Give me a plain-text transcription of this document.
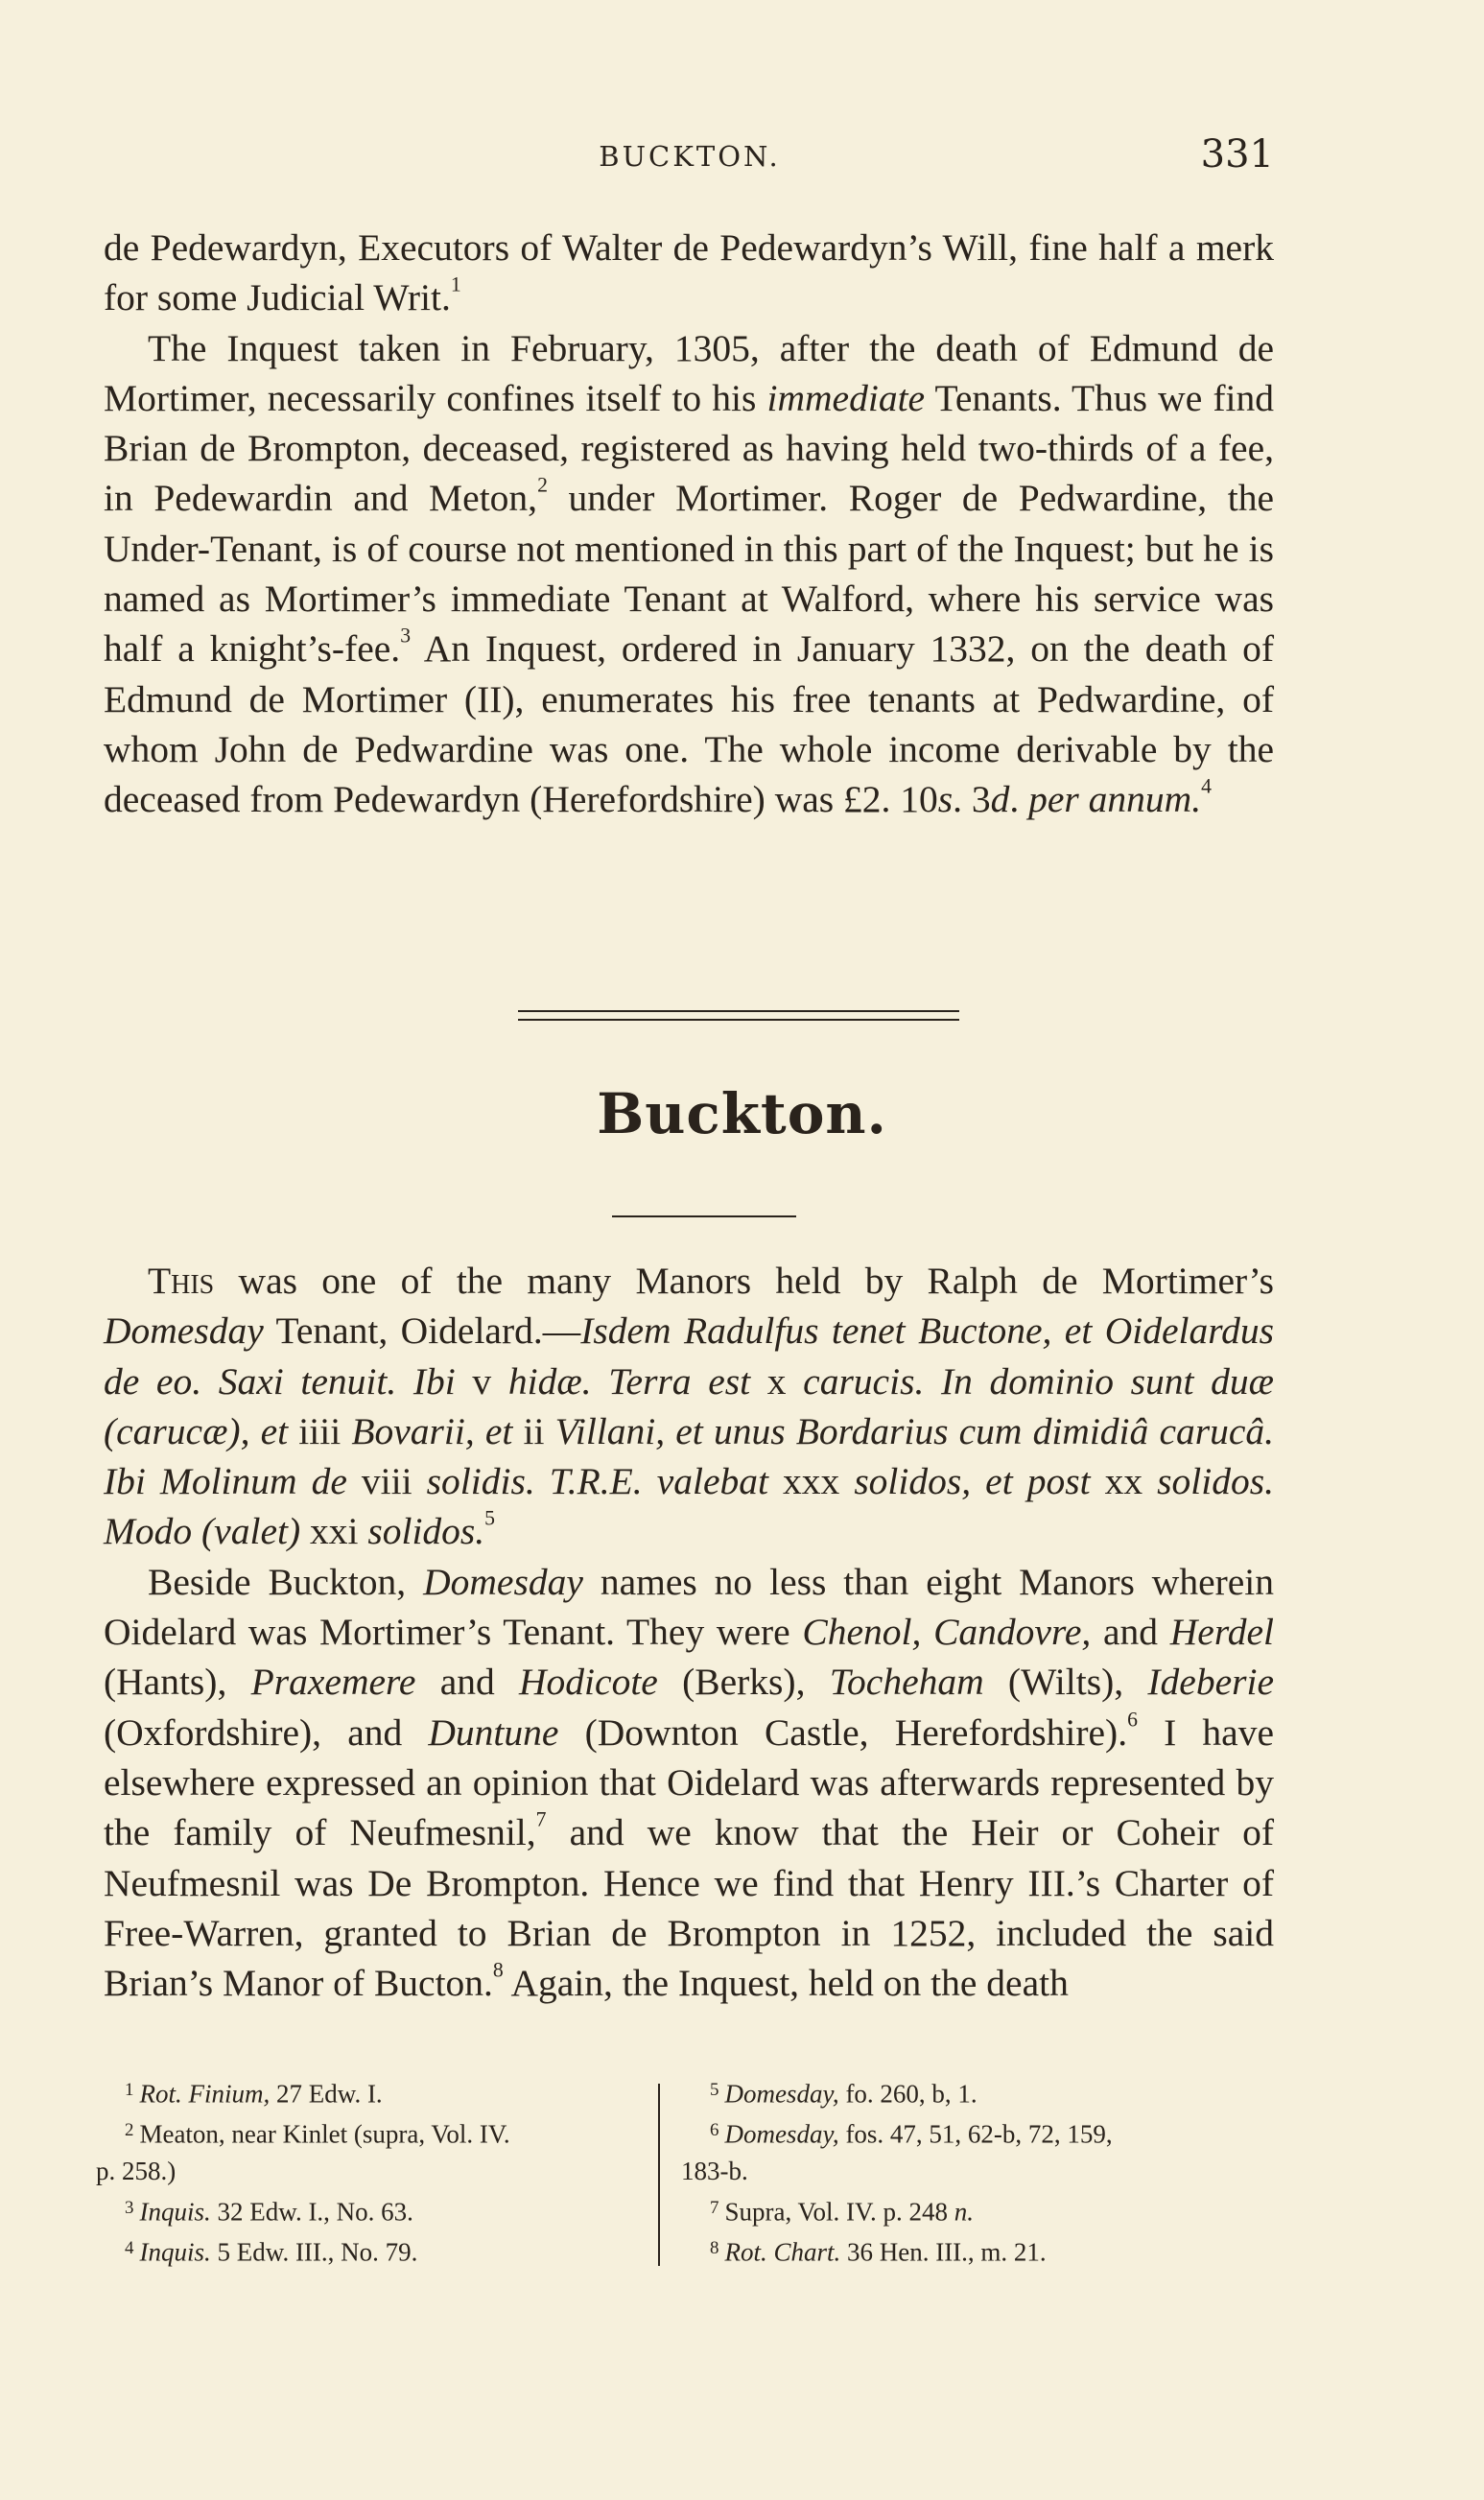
BUCKTON.	331

de Pedewardyn, Executors of Walter de Pedewardyn’s Will, fine half a merk for some Judicial Writ.$^1$

The Inquest taken in February, 1305, after the death of Edmund de Mortimer, necessarily confines itself to his immediate Tenants. Thus we find Brian de Brompton, deceased, registered as having held two-thirds of a fee, in Pedewardin and Meton,$^2$ under Mortimer. Roger de Pedwardine, the Under-Tenant, is of course not mentioned in this part of the Inquest; but he is named as Mortimer’s immediate Tenant at Walford, where his service was half a knight’s-fee.$^3$ An Inquest, ordered in January 1332, on the death of Edmund de Mortimer (II), enumerates his free tenants at Pedwardine, of whom John de Pedwardine was one. The whole income derivable by the deceased from Pedewardyn (Herefordshire) was £2. 10s. 3d. per annum.$^4$

Buckton.

This was one of the many Manors held by Ralph de Mortimer’s Domesday Tenant, Oidelard.—Isdem Radulfus tenet Buctone, et Oidelardus de eo. Saxi tenuit. Ibi v hidæ. Terra est x carucis. In dominio sunt duæ (carucæ), et iiii Bovarii, et ii Villani, et unus Bordarius cum dimidiâ carucâ. Ibi Molinum de viii solidis. T.R.E. valebat xxx solidos, et post xx solidos. Modo (valet) xxi solidos.$^5$

Beside Buckton, Domesday names no less than eight Manors wherein Oidelard was Mortimer’s Tenant. They were Chenol, Candovre, and Herdel (Hants), Praxemere and Hodicote (Berks), Tocheham (Wilts), Ideberie (Oxfordshire), and Duntune (Downton Castle, Herefordshire).$^6$ I have elsewhere expressed an opinion that Oidelard was afterwards represented by the family of Neufmesnil,$^7$ and we know that the Heir or Coheir of Neufmesnil was De Brompton. Hence we find that Henry III.’s Charter of Free-Warren, granted to Brian de Brompton in 1252, included the said Brian’s Manor of Bucton.$^8$ Again, the Inquest, held on the death

$^1$ Rot. Finium, 27 Edw. I.

$^2$ Meaton, near Kinlet (supra, Vol. IV.

p. 258.)

$^3$ Inquis. 32 Edw. I., No. 63.

$^4$ Inquis. 5 Edw. III., No. 79.

$^5$ Domesday, fo. 260, b, 1.

$^6$ Domesday, fos. 47, 51, 62-b, 72, 159,

183-b.

$^7$ Supra, Vol. IV. p. 248 n.

$^8$ Rot. Chart. 36 Hen. III., m. 21.
